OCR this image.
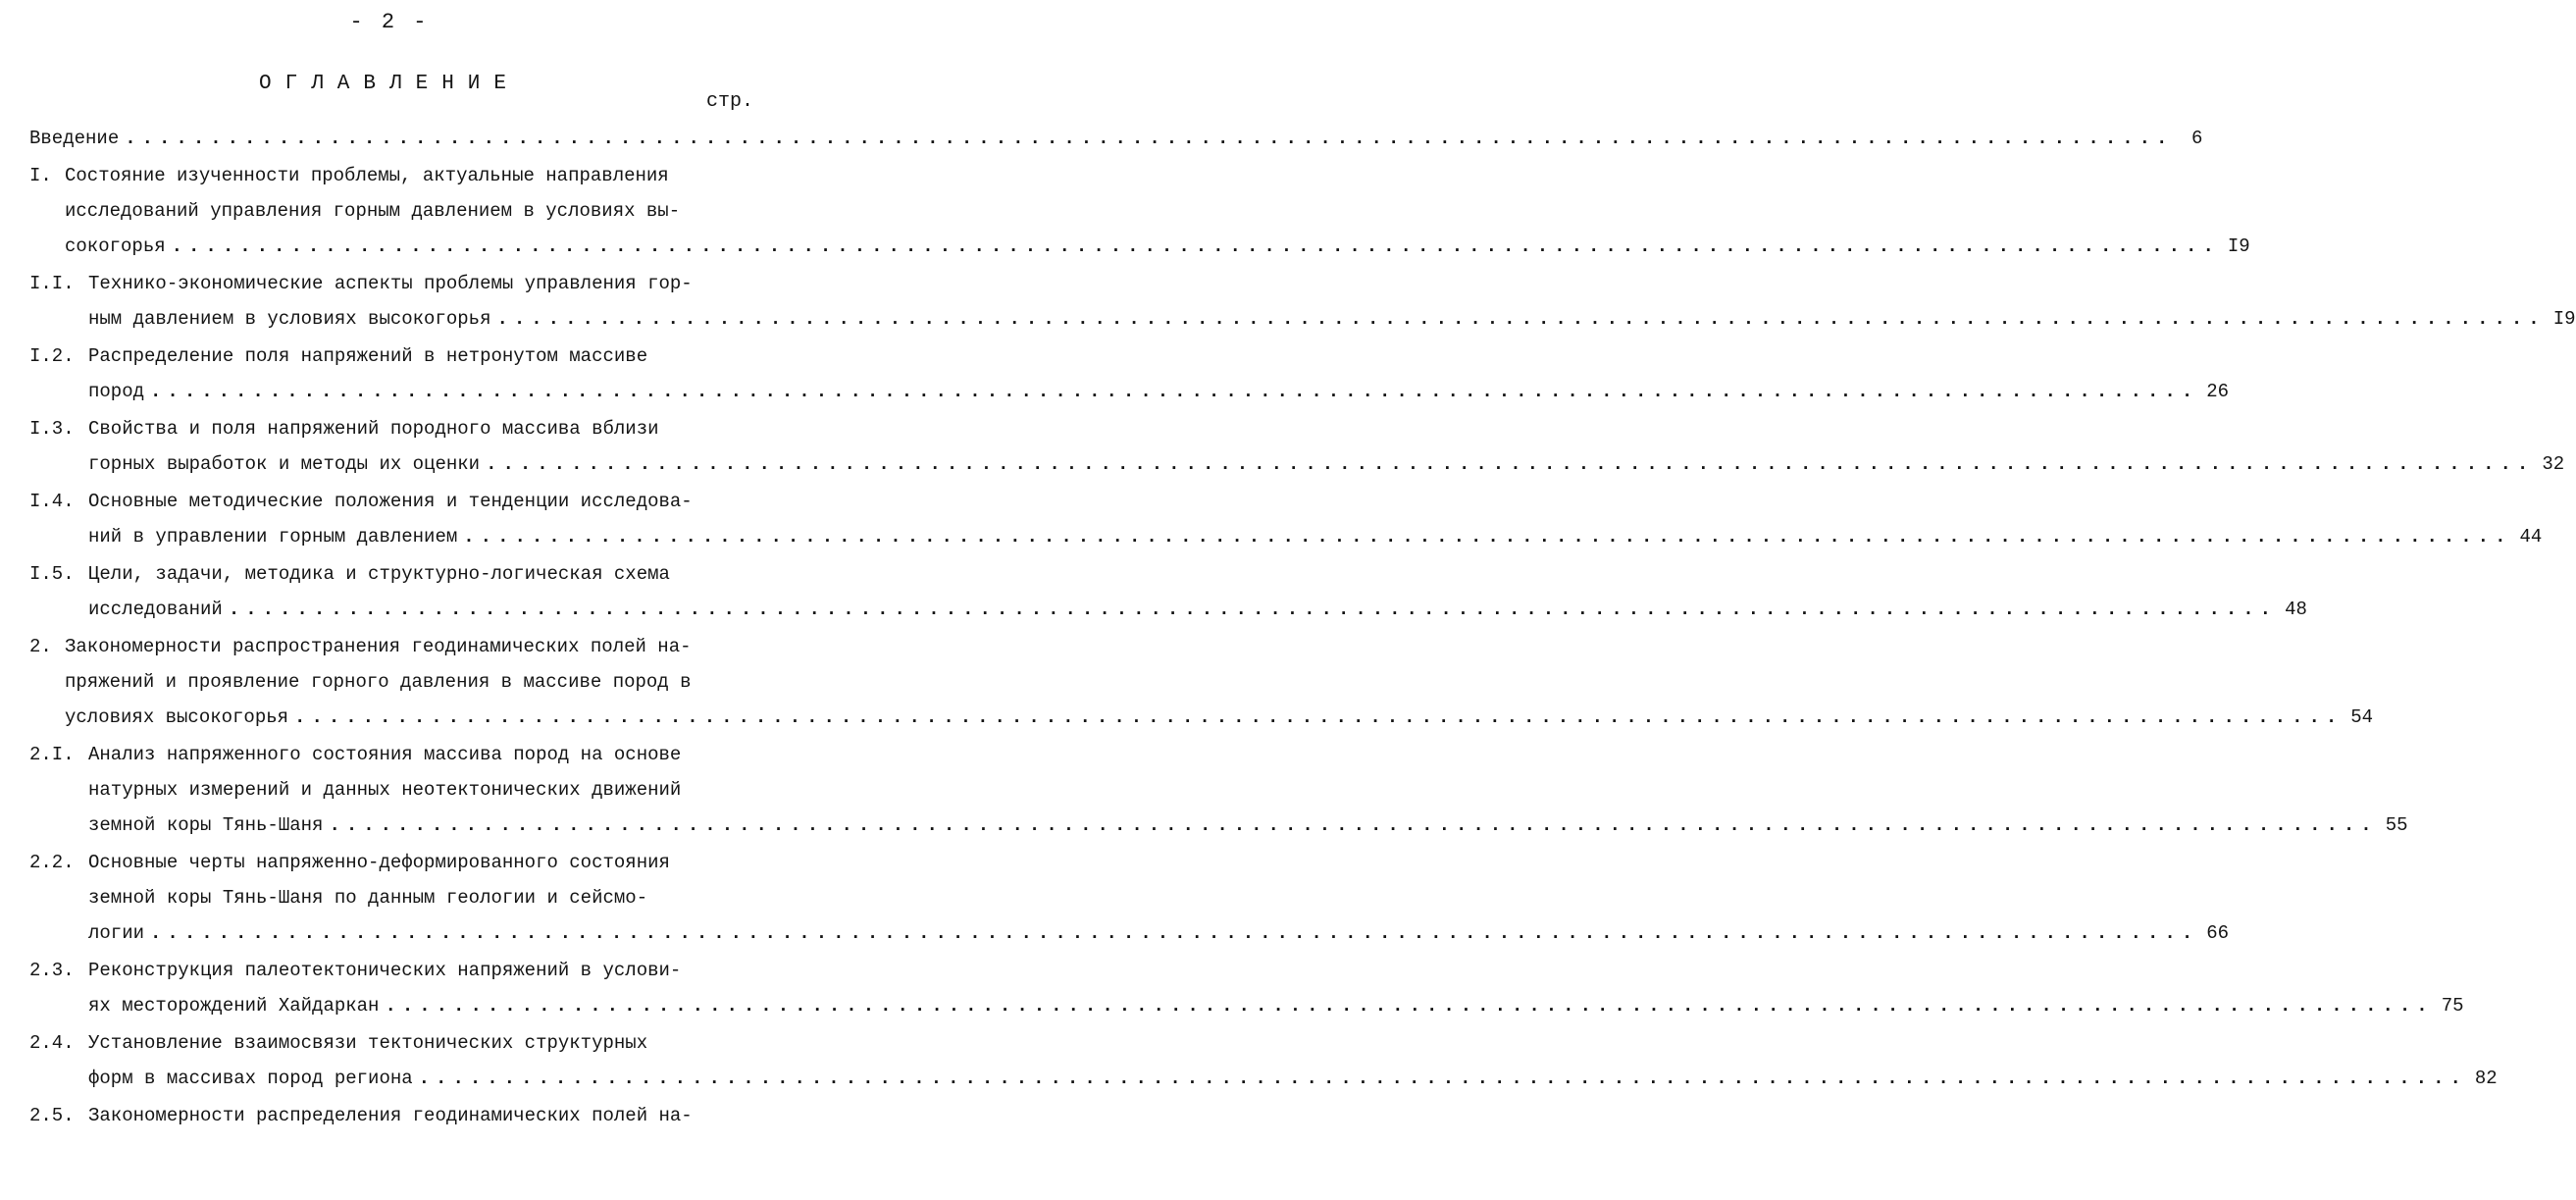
- 2 -
ОГЛАВЛЕНИЕ
стр.
Введение ........................................................................................................................ 6
I. Состояние изученности проблемы, актуальные направления
исследований управления горным давлением в условиях вы-
сокогорья ........................................................................................................................ I9
I.I. Технико-экономические аспекты проблемы управления гор-
ным давлением в условиях высокогорья ........................................................................................................................ I9
I.2. Распределение поля напряжений в нетронутом массиве
пород ........................................................................................................................ 26
I.3. Свойства и поля напряжений породного массива вблизи
горных выработок и методы их оценки ........................................................................................................................ 32
I.4. Основные методические положения и тенденции исследова-
ний в управлении горным давлением ........................................................................................................................ 44
I.5. Цели, задачи, методика и структурно-логическая схема
исследований ........................................................................................................................ 48
2. Закономерности распространения геодинамических полей на-
пряжений и проявление горного давления в массиве пород в
условиях высокогорья ........................................................................................................................ 54
2.I. Анализ напряженного состояния массива пород на основе
натурных измерений и данных неотектонических движений
земной коры Тянь-Шаня ........................................................................................................................ 55
2.2. Основные черты напряженно-деформированного состояния
земной коры Тянь-Шаня по данным геологии и сейсмо-
логии ........................................................................................................................ 66
2.3. Реконструкция палеотектонических напряжений в услови-
ях месторождений Хайдаркан ........................................................................................................................ 75
2.4. Установление взаимосвязи тектонических структурных
форм в массивах пород региона ........................................................................................................................ 82
2.5. Закономерности распределения геодинамических полей на-
